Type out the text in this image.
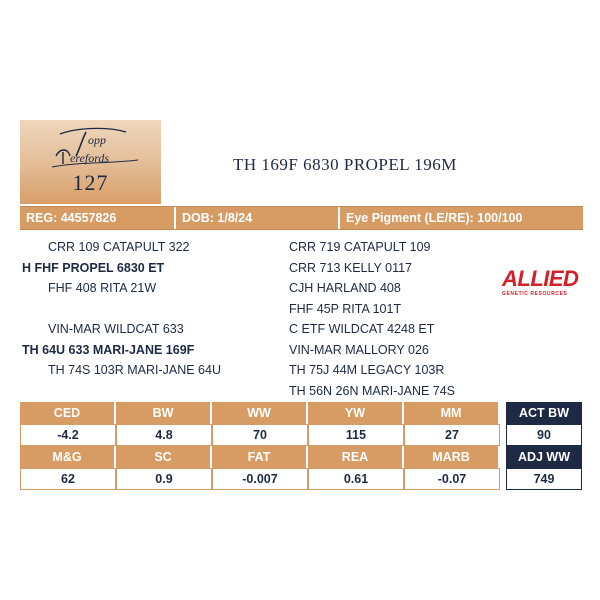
opp
erefords
127
TH 169F 6830 PROPEL 196M
REG: 44557826	DOB: 1/8/24	Eye Pigment (LE/RE): 100/100
CRR 109 CATAPULT 322
H FHF PROPEL 6830 ET
FHF 408 RITA 21W
VIN-MAR WILDCAT 633
TH 64U 633 MARI-JANE 169F
TH 74S 103R MARI-JANE 64U
CRR 719 CATAPULT 109
CRR 713 KELLY 0117
CJH HARLAND 408
FHF 45P RITA 101T
C ETF WILDCAT 4248 ET
VIN-MAR MALLORY 026
TH 75J 44M LEGACY 103R
TH 56N 26N MARI-JANE 74S
ALLIED
GENETIC RESOURCES
CED	BW	WW	YW	MM
-4.2	4.8	70	115	27
M&G	SC	FAT	REA	MARB
62	0.9	-0.007	0.61	-0.07
ACT BW
90
ADJ WW
749
